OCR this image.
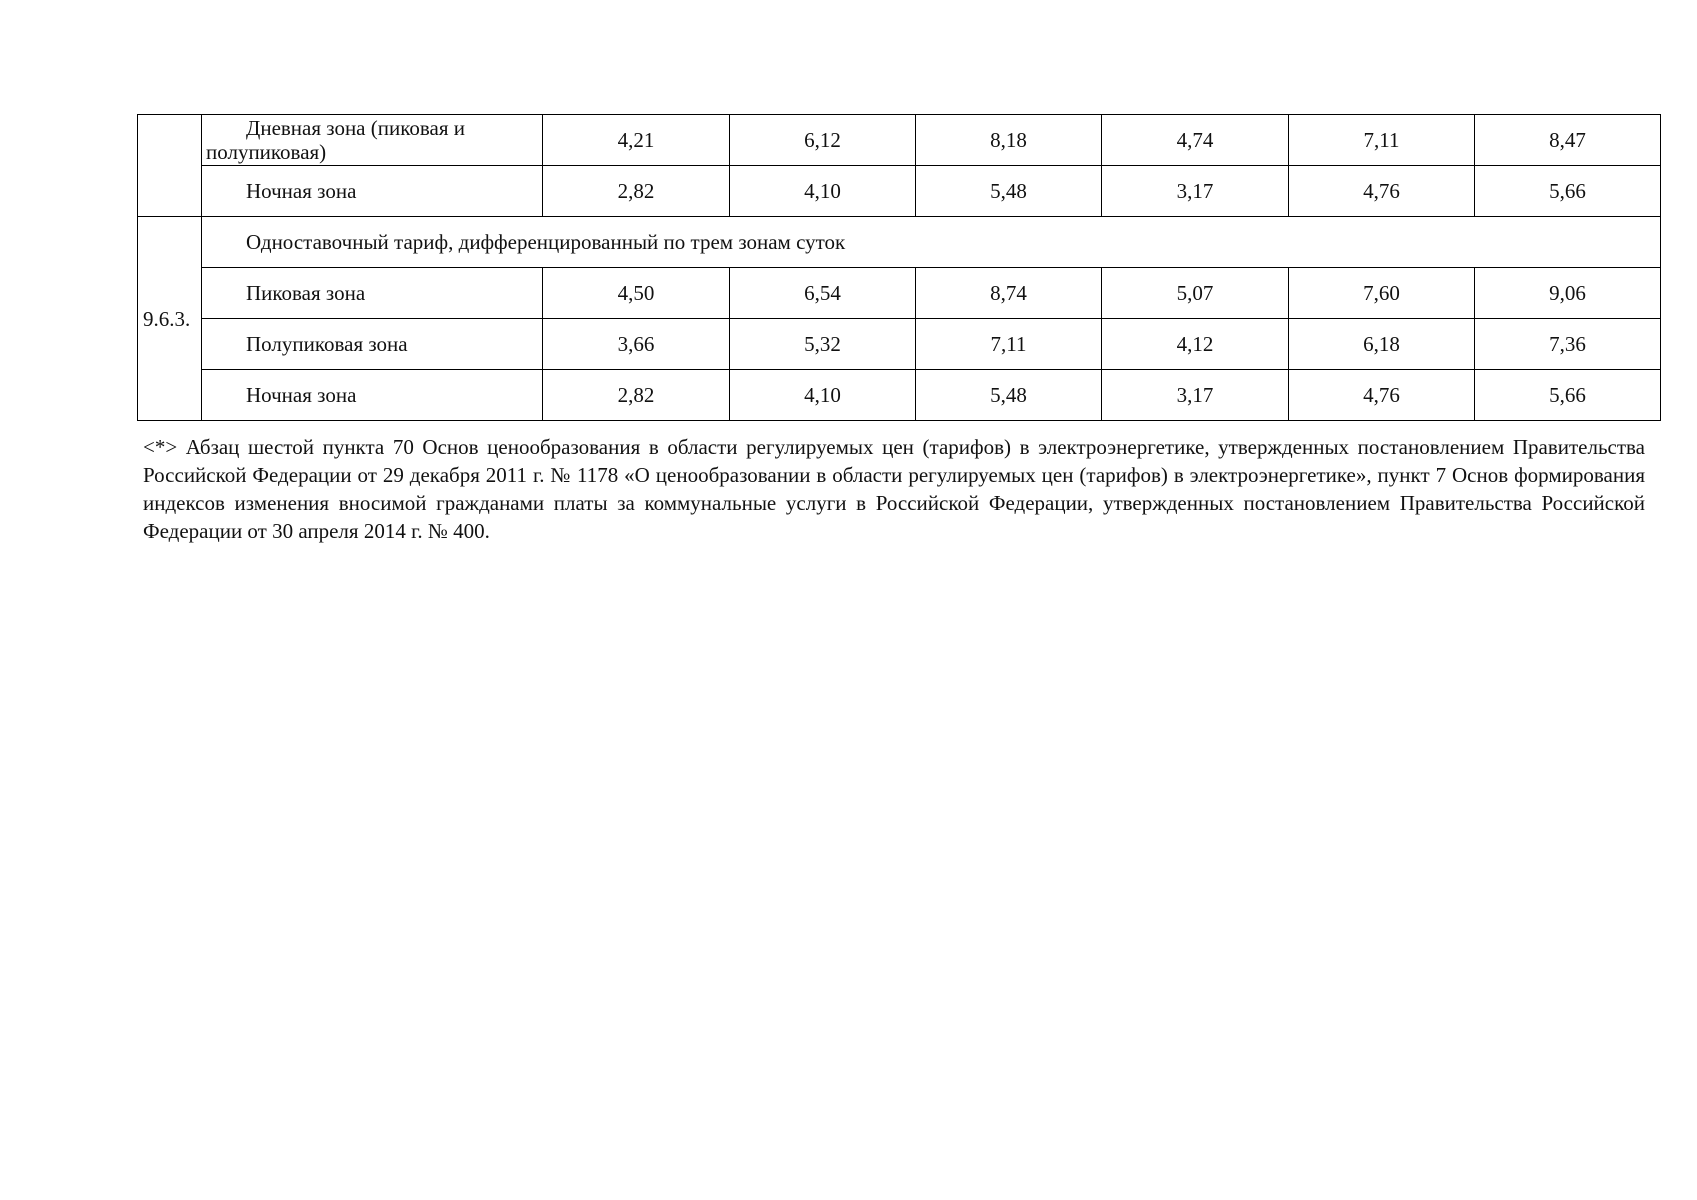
	Дневная зона (пиковая и полупиковая)	4,21	6,12	8,18	4,74	7,11	8,47
	Ночная зона	2,82	4,10	5,48	3,17	4,76	5,66
9.6.3.	Одноставочный тариф, дифференцированный по трем зонам суток						
	Пиковая зона	4,50	6,54	8,74	5,07	7,60	9,06
	Полупиковая зона	3,66	5,32	7,11	4,12	6,18	7,36
	Ночная зона	2,82	4,10	5,48	3,17	4,76	5,66
<*> Абзац шестой пункта 70 Основ ценообразования в области регулируемых цен (тарифов) в электроэнергетике, утвержденных постановлением Правительства Российской Федерации от 29 декабря 2011 г. № 1178 «О ценообразовании в области регулируемых цен (тарифов) в электроэнергетике», пункт 7 Основ формирования индексов изменения вносимой гражданами платы за коммунальные услуги в Российской Федерации, утвержденных постановлением Правительства Российской Федерации от 30 апреля 2014 г. № 400.
